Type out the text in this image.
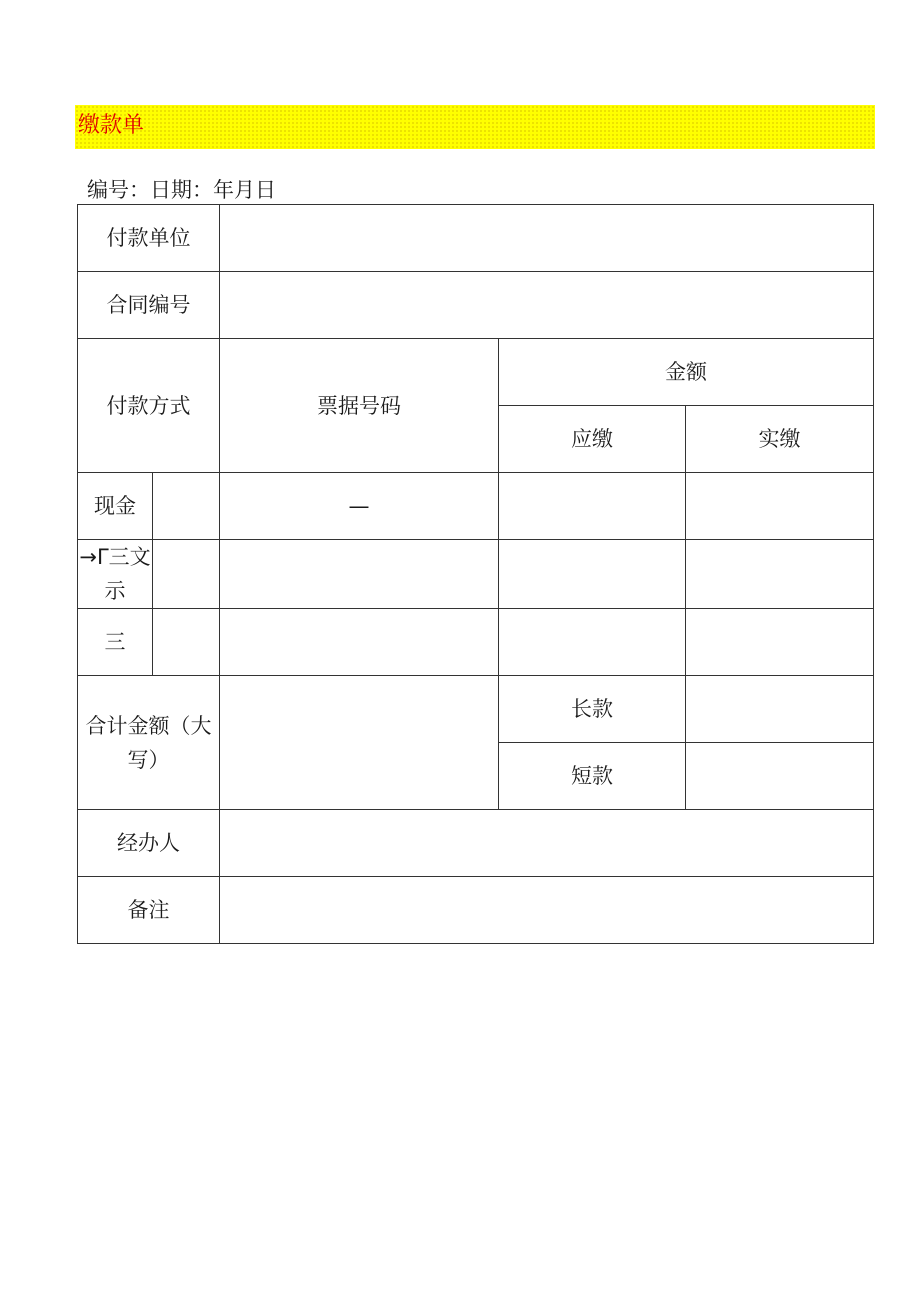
缴款单
编号：日期：年月日
付款单位				
合同编号				
付款方式		票据号码	金额	
			应缴	实缴
现金		—		
→Γ三文示				
三				
合计金额（大写）			长款	
			短款	
经办人				
备注				
